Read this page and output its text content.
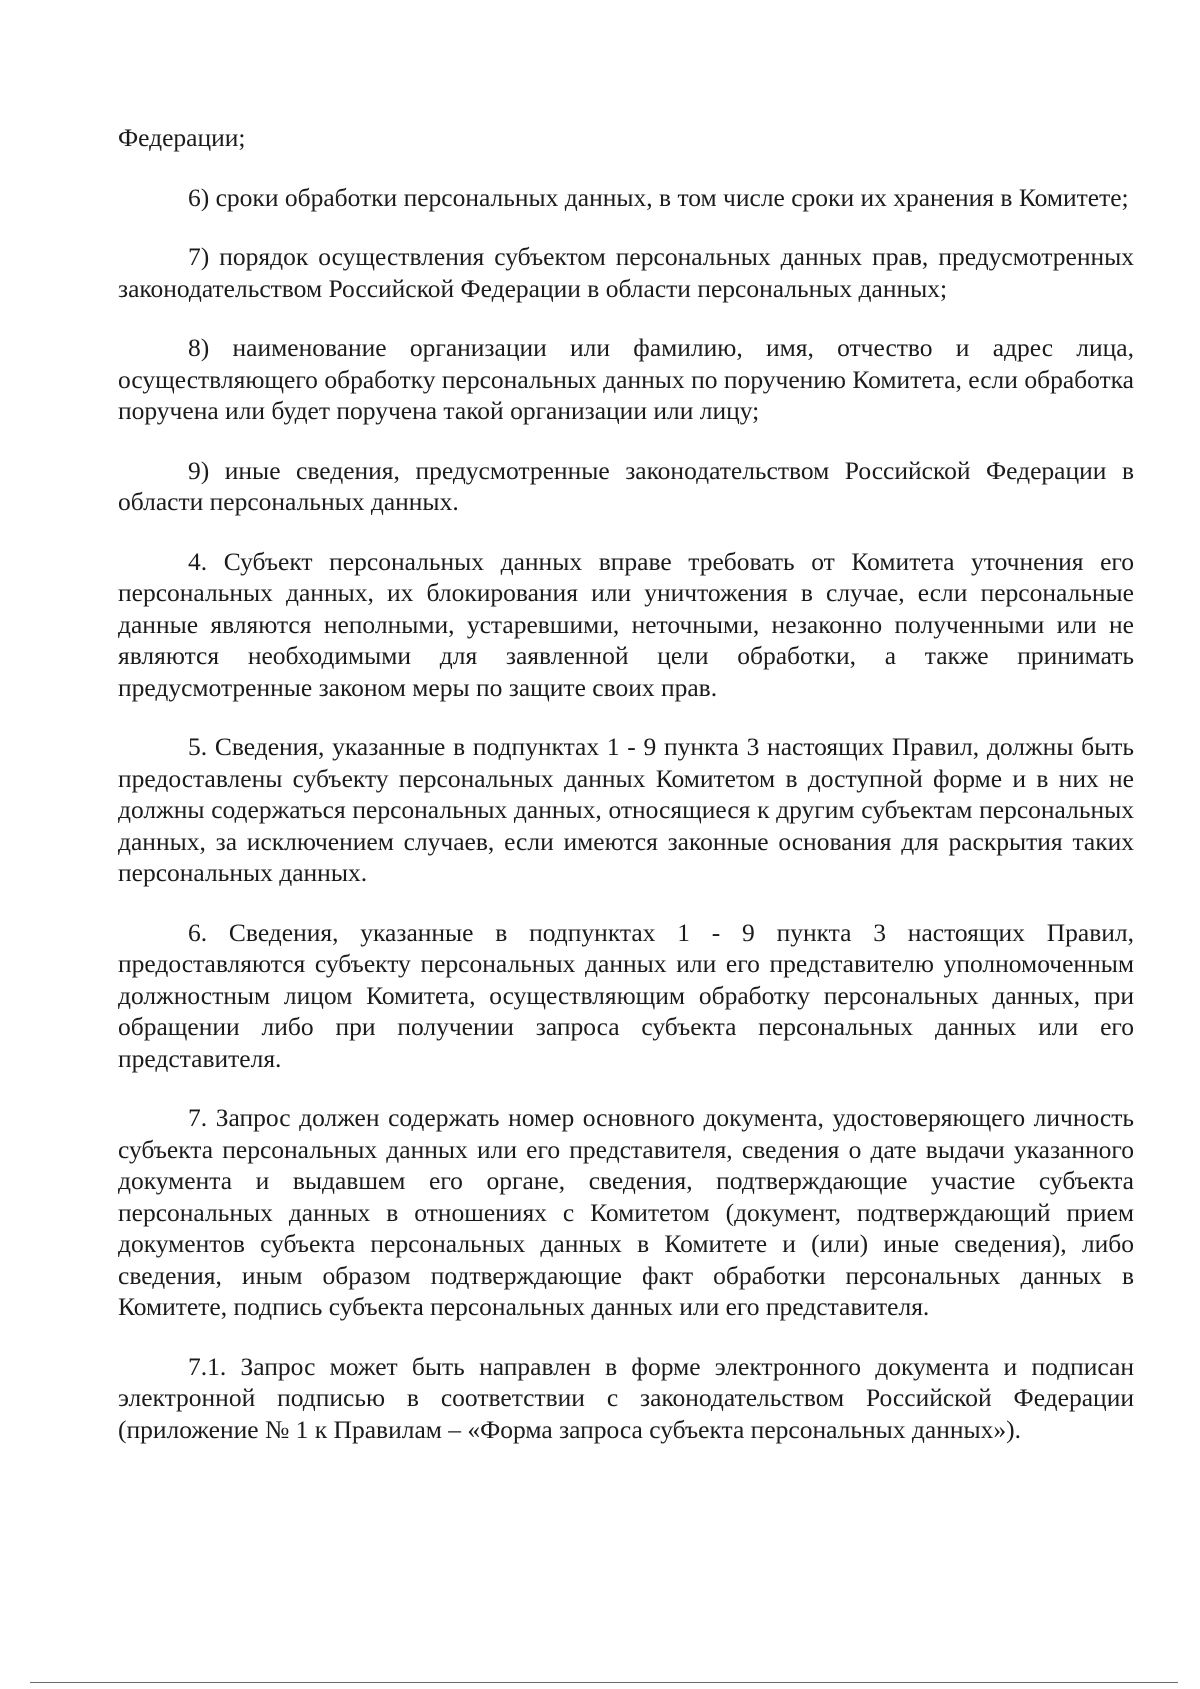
Федерации;

6) сроки обработки персональных данных, в том числе сроки их хранения в Комитете;

7) порядок осуществления субъектом персональных данных прав, предусмотренных законодательством Российской Федерации в области персональных данных;

8) наименование организации или фамилию, имя, отчество и адрес лица, осуществляющего обработку персональных данных по поручению Комитета, если обработка поручена или будет поручена такой организации или лицу;

9) иные сведения, предусмотренные законодательством Российской Федерации в области персональных данных.

4. Субъект персональных данных вправе требовать от Комитета уточнения его персональных данных, их блокирования или уничтожения в случае, если персональные данные являются неполными, устаревшими, неточными, незаконно полученными или не являются необходимыми для заявленной цели обработки, а также принимать предусмотренные законом меры по защите своих прав.

5. Сведения, указанные в подпунктах 1 - 9 пункта 3 настоящих Правил, должны быть предоставлены субъекту персональных данных Комитетом в доступной форме и в них не должны содержаться персональных данных, относящиеся к другим субъектам персональных данных, за исключением случаев, если имеются законные основания для раскрытия таких персональных данных.

6. Сведения, указанные в подпунктах 1 - 9 пункта 3 настоящих Правил, предоставляются субъекту персональных данных или его представителю уполномоченным должностным лицом Комитета, осуществляющим обработку персональных данных, при обращении либо при получении запроса субъекта персональных данных или его представителя.

7. Запрос должен содержать номер основного документа, удостоверяющего личность субъекта персональных данных или его представителя, сведения о дате выдачи указанного документа и выдавшем его органе, сведения, подтверждающие участие субъекта персональных данных в отношениях с Комитетом (документ, подтверждающий прием документов субъекта персональных данных в Комитете и (или) иные сведения), либо сведения, иным образом подтверждающие факт обработки персональных данных в Комитете, подпись субъекта персональных данных или его представителя.

7.1. Запрос может быть направлен в форме электронного документа и подписан электронной подписью в соответствии с законодательством Российской Федерации (приложение № 1 к Правилам – «Форма запроса субъекта персональных данных»).
